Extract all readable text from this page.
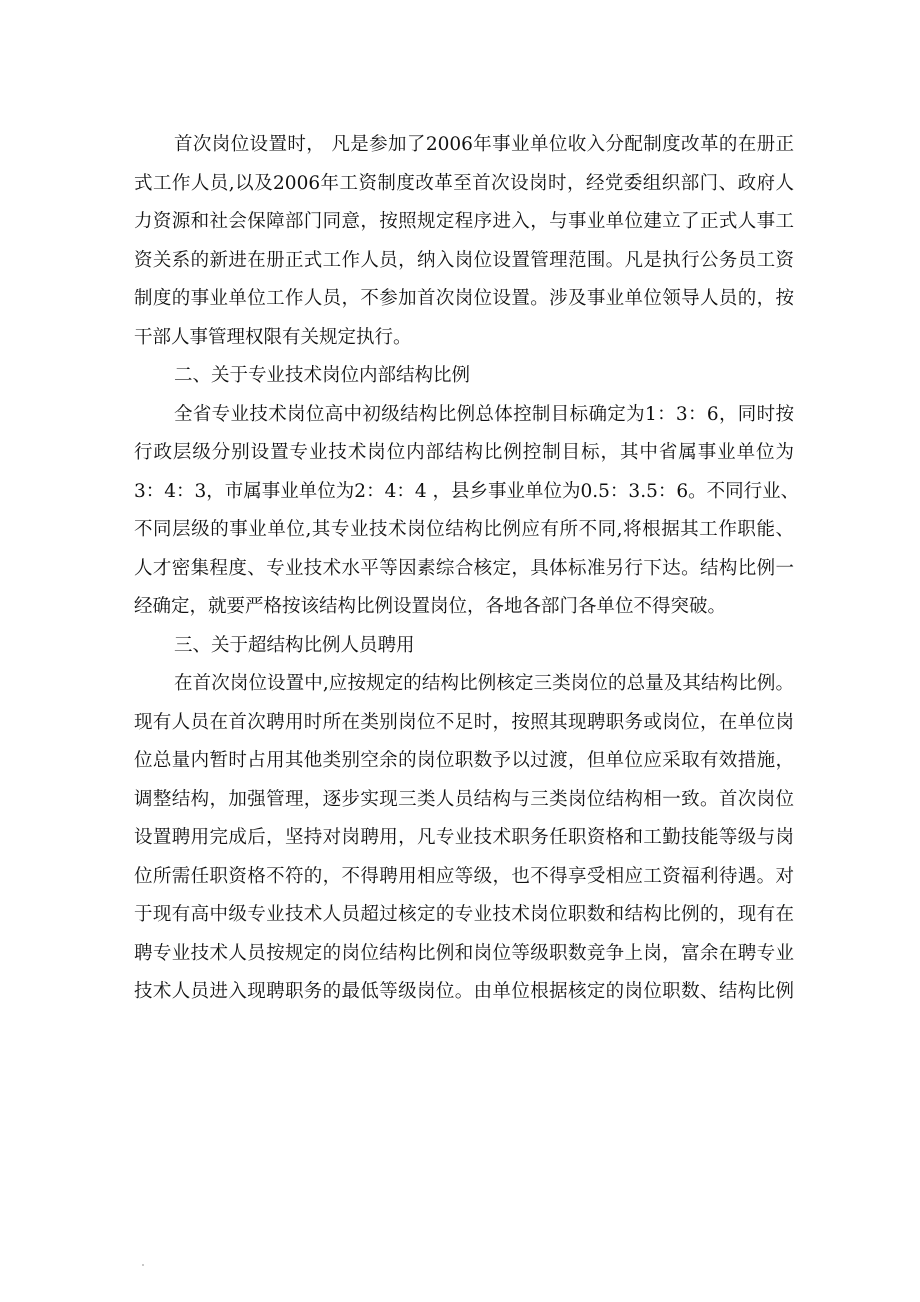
首次岗位设置时， 凡是参加了2006年事业单位收入分配制度改革的在册正
式工作人员,以及2006年工资制度改革至首次设岗时，经党委组织部门、政府人
力资源和社会保障部门同意，按照规定程序进入，与事业单位建立了正式人事工
资关系的新进在册正式工作人员，纳入岗位设置管理范围。凡是执行公务员工资
制度的事业单位工作人员，不参加首次岗位设置。涉及事业单位领导人员的，按
干部人事管理权限有关规定执行。
二、关于专业技术岗位内部结构比例
全省专业技术岗位高中初级结构比例总体控制目标确定为1：3：6，同时按
行政层级分别设置专业技术岗位内部结构比例控制目标，其中省属事业单位为
3：4：3，市属事业单位为2：4：4 ，县乡事业单位为0.5：3.5：6。不同行业、
不同层级的事业单位,其专业技术岗位结构比例应有所不同,将根据其工作职能、
人才密集程度、专业技术水平等因素综合核定，具体标准另行下达。结构比例一
经确定，就要严格按该结构比例设置岗位，各地各部门各单位不得突破。
三、关于超结构比例人员聘用
在首次岗位设置中,应按规定的结构比例核定三类岗位的总量及其结构比例。
现有人员在首次聘用时所在类别岗位不足时，按照其现聘职务或岗位，在单位岗
位总量内暂时占用其他类别空余的岗位职数予以过渡，但单位应采取有效措施，
调整结构，加强管理，逐步实现三类人员结构与三类岗位结构相一致。首次岗位
设置聘用完成后，坚持对岗聘用，凡专业技术职务任职资格和工勤技能等级与岗
位所需任职资格不符的，不得聘用相应等级，也不得享受相应工资福利待遇。对
于现有高中级专业技术人员超过核定的专业技术岗位职数和结构比例的，现有在
聘专业技术人员按规定的岗位结构比例和岗位等级职数竞争上岗，富余在聘专业
技术人员进入现聘职务的最低等级岗位。由单位根据核定的岗位职数、结构比例
